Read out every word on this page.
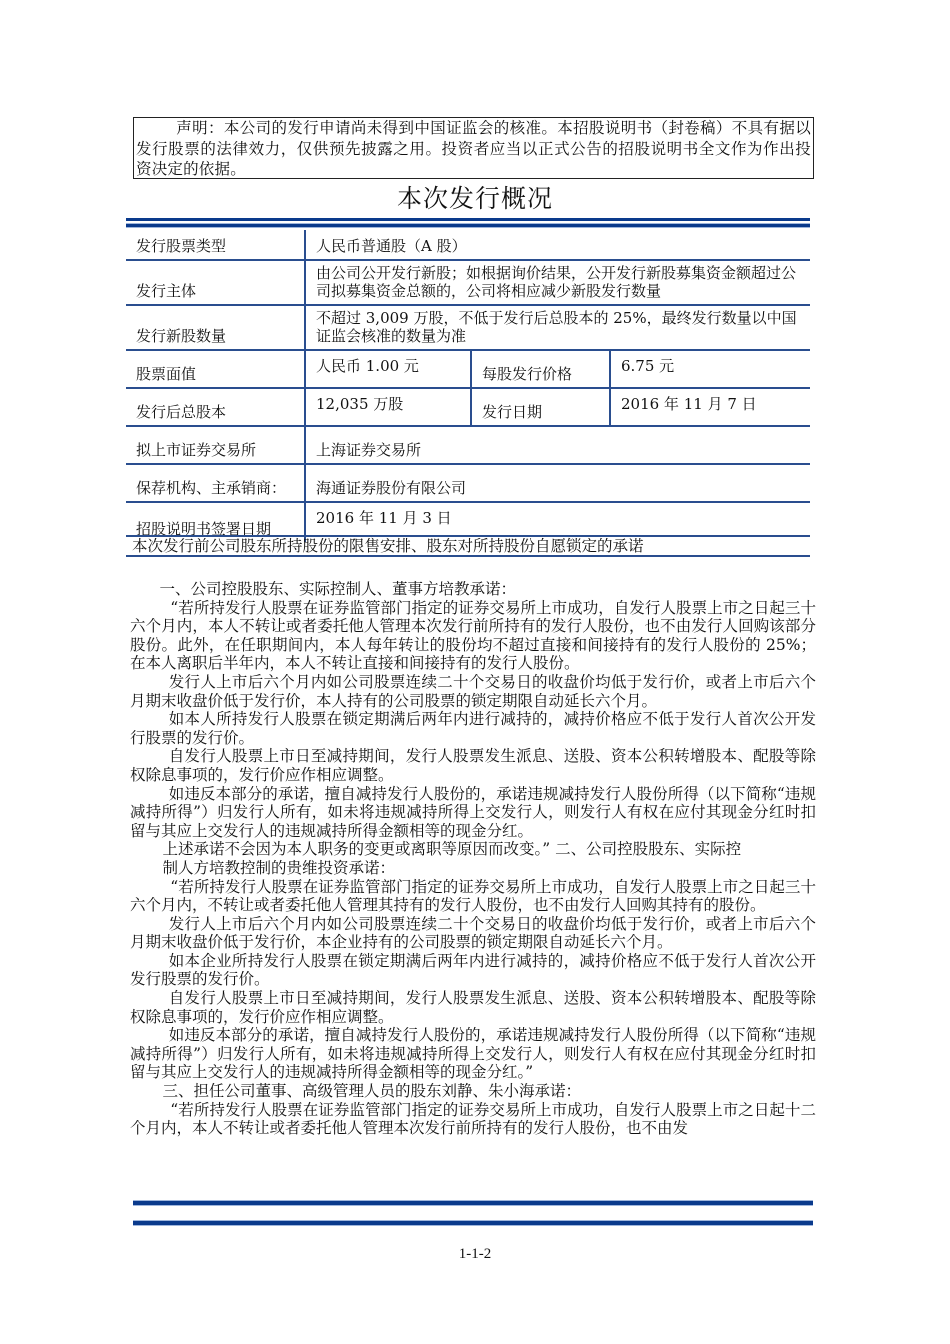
声明：本公司的发行申请尚未得到中国证监会的核准。本招股说明书（封卷稿）不具有据以发行股票的法律效力，仅供预先披露之用。投资者应当以正式公告的招股说明书全文作为作出投资决定的依据。

本次发行概况
发行股票类型	人民币普通股（A 股）		
发行主体	由公司公开发行新股；如根据询价结果，公开发行新股募集资金额超过公司拟募集资金总额的，公司将相应减少新股发行数量		
发行新股数量	不超过 3,009 万股，不低于发行后总股本的 25%，最终发行数量以中国证监会核准的数量为准		
股票面值	人民币 1.00 元	每股发行价格	6.75 元
发行后总股本	12,035 万股	发行日期	2016 年 11 月 7 日
拟上市证券交易所	上海证券交易所		
保荐机构、主承销商：	海通证券股份有限公司		
招股说明书签署日期	2016 年 11 月 3 日		
本次发行前公司股东所持股份的限售安排、股东对所持股份自愿锁定的承诺

一、公司控股股东、实际控制人、董事方培教承诺：

“若所持发行人股票在证券监管部门指定的证券交易所上市成功，自发行人股票上市之日起三十六个月内，本人不转让或者委托他人管理本次发行前所持有的发行人股份，也不由发行人回购该部分股份。此外，在任职期间内，本人每年转让的股份均不超过直接和间接持有的发行人股份的 25%；在本人离职后半年内，本人不转让直接和间接持有的发行人股份。

发行人上市后六个月内如公司股票连续二十个交易日的收盘价均低于发行价，或者上市后六个月期末收盘价低于发行价，本人持有的公司股票的锁定期限自动延长六个月。

如本人所持发行人股票在锁定期满后两年内进行减持的，减持价格应不低于发行人首次公开发行股票的发行价。

自发行人股票上市日至减持期间，发行人股票发生派息、送股、资本公积转增股本、配股等除权除息事项的，发行价应作相应调整。

如违反本部分的承诺，擅自减持发行人股份的，承诺违规减持发行人股份所得（以下简称“违规减持所得”）归发行人所有，如未将违规减持所得上交发行人，则发行人有权在应付其现金分红时扣留与其应上交发行人的违规减持所得金额相等的现金分红。

上述承诺不会因为本人职务的变更或离职等原因而改变。” 二、公司控股股东、实际控

制人方培教控制的贵维投资承诺：

“若所持发行人股票在证券监管部门指定的证券交易所上市成功，自发行人股票上市之日起三十六个月内，不转让或者委托他人管理其持有的发行人股份，也不由发行人回购其持有的股份。

发行人上市后六个月内如公司股票连续二十个交易日的收盘价均低于发行价，或者上市后六个月期末收盘价低于发行价，本企业持有的公司股票的锁定期限自动延长六个月。

如本企业所持发行人股票在锁定期满后两年内进行减持的，减持价格应不低于发行人首次公开发行股票的发行价。

自发行人股票上市日至减持期间，发行人股票发生派息、送股、资本公积转增股本、配股等除权除息事项的，发行价应作相应调整。

如违反本部分的承诺，擅自减持发行人股份的，承诺违规减持发行人股份所得（以下简称“违规减持所得”）归发行人所有，如未将违规减持所得上交发行人，则发行人有权在应付其现金分红时扣留与其应上交发行人的违规减持所得金额相等的现金分红。”

三、担任公司董事、高级管理人员的股东刘静、朱小海承诺：

“若所持发行人股票在证券监管部门指定的证券交易所上市成功，自发行人股票上市之日起十二个月内，本人不转让或者委托他人管理本次发行前所持有的发行人股份，也不由发

1-1-2
